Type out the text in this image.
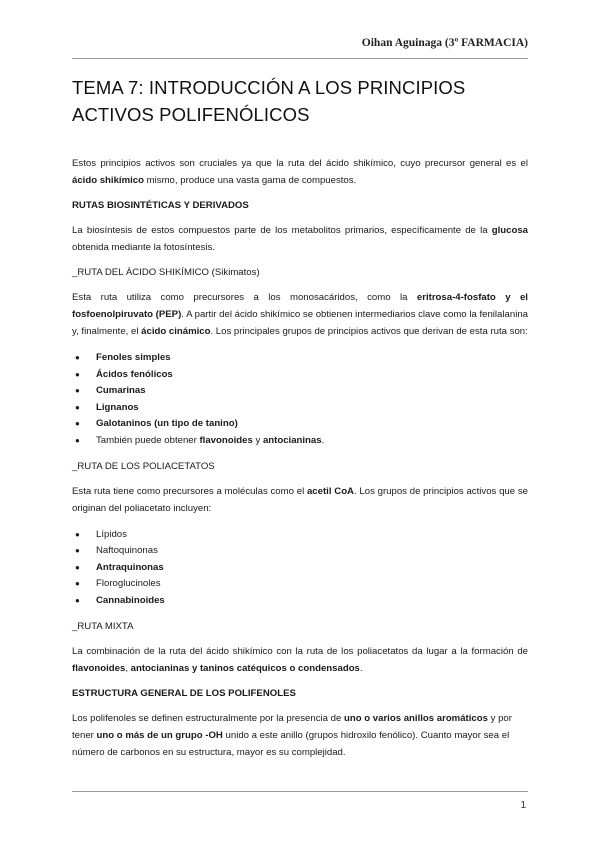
Oihan Aguinaga (3º FARMACIA)
TEMA 7: INTRODUCCIÓN A LOS PRINCIPIOS ACTIVOS POLIFENÓLICOS

Estos principios activos son cruciales ya que la ruta del ácido shikímico, cuyo precursor general es el ácido shikímico mismo, produce una vasta gama de compuestos.

RUTAS BIOSINTÉTICAS Y DERIVADOS

La biosíntesis de estos compuestos parte de los metabolitos primarios, específicamente de la glucosa obtenida mediante la fotosíntesis.

_RUTA DEL ÁCIDO SHIKÍMICO (Sikimatos)

Esta ruta utiliza como precursores a los monosacáridos, como la eritrosa-4-fosfato y el fosfoenolpiruvato (PEP). A partir del ácido shikímico se obtienen intermediarios clave como la fenilalanina y, finalmente, el ácido cinámico. Los principales grupos de principios activos que derivan de esta ruta son:

● Fenoles simples
● Ácidos fenólicos
● Cumarinas
● Lignanos
● Galotaninos (un tipo de tanino)
● También puede obtener flavonoides y antocianinas.
_RUTA DE LOS POLIACETATOS

Esta ruta tiene como precursores a moléculas como el acetil CoA. Los grupos de principios activos que se originan del poliacetato incluyen:

● Lípidos
● Naftoquinonas
● Antraquinonas
● Floroglucinoles
● Cannabinoides
_RUTA MIXTA

La combinación de la ruta del ácido shikímico con la ruta de los poliacetatos da lugar a la formación de flavonoides, antocianinas y taninos catéquicos o condensados.

ESTRUCTURA GENERAL DE LOS POLIFENOLES

Los polifenoles se definen estructuralmente por la presencia de uno o varios anillos aromáticos y por tener uno o más de un grupo -OH unido a este anillo (grupos hidroxilo fenólico). Cuanto mayor sea el número de carbonos en su estructura, mayor es su complejidad.

1
